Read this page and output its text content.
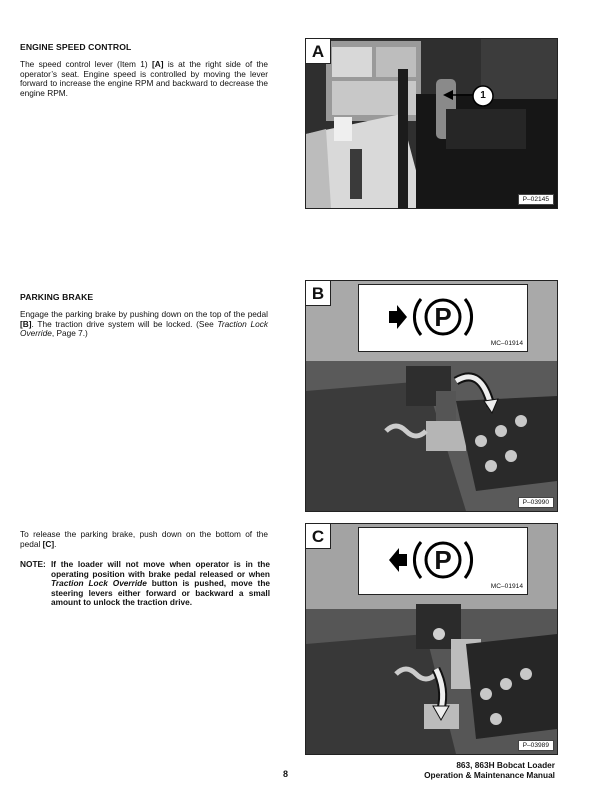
ENGINE SPEED CONTROL
The speed control lever (Item 1) [A] is at the right side of the operator’s seat. Engine speed is controlled by moving the lever forward to increase the engine RPM and backward to decrease the engine RPM.
PARKING BRAKE
Engage the parking brake by pushing down on the top of the pedal [B]. The traction drive system will be locked. (See Traction Lock Override, Page 7.)
To release the parking brake, push down on the bottom of the pedal [C].
NOTE: If the loader will not move when operator is in the operating position with brake pedal released or when Traction Lock Override button is pushed, move the steering levers either forward or backward a small amount to unlock the traction drive.
A
1
P–02145
B
P
MC–01914
P–03990
C
P
MC–01914
P–03989
8
863, 863H Bobcat Loader
Operation & Maintenance Manual
